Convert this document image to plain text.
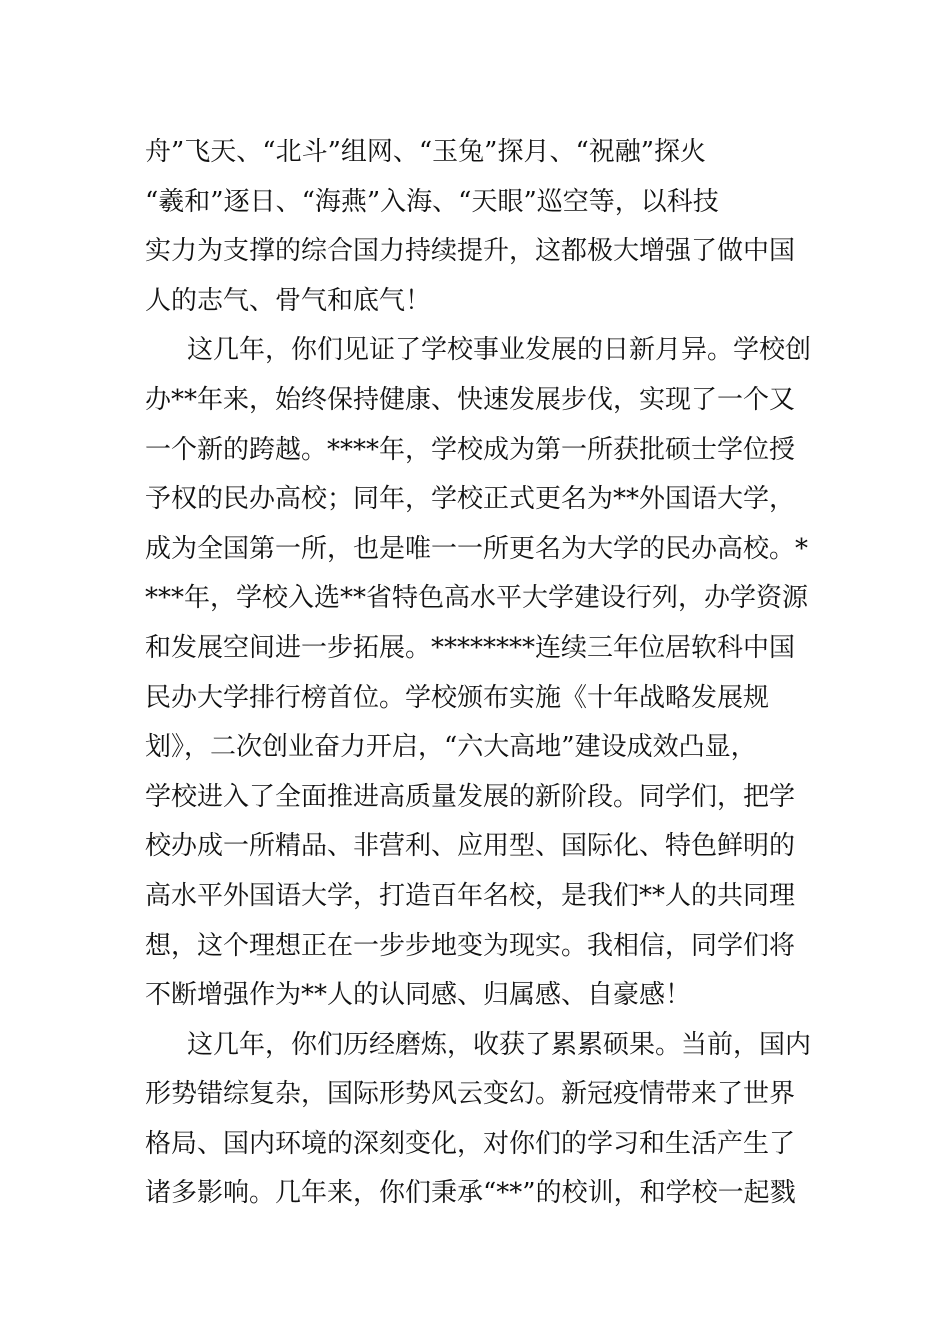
舟”飞天、“北斗”组网、“玉兔”探月、“祝融”探火
“羲和”逐日、“海燕”入海、“天眼”巡空等，以科技
实力为支撑的综合国力持续提升，这都极大增强了做中国
人的志气、骨气和底气！
这几年，你们见证了学校事业发展的日新月异。学校创
办**年来，始终保持健康、快速发展步伐，实现了一个又
一个新的跨越。****年，学校成为第一所获批硕士学位授
予权的民办高校；同年，学校正式更名为**外国语大学，
成为全国第一所，也是唯一一所更名为大学的民办高校。*
***年，学校入选**省特色高水平大学建设行列，办学资源
和发展空间进一步拓展。********连续三年位居软科中国
民办大学排行榜首位。学校颁布实施《十年战略发展规
划》，二次创业奋力开启，“六大高地”建设成效凸显，
学校进入了全面推进高质量发展的新阶段。同学们，把学
校办成一所精品、非营利、应用型、国际化、特色鲜明的
高水平外国语大学，打造百年名校，是我们**人的共同理
想，这个理想正在一步步地变为现实。我相信，同学们将
不断增强作为**人的认同感、归属感、自豪感！
这几年，你们历经磨炼，收获了累累硕果。当前，国内
形势错综复杂，国际形势风云变幻。新冠疫情带来了世界
格局、国内环境的深刻变化，对你们的学习和生活产生了
诸多影响。几年来，你们秉承“**”的校训，和学校一起戮
